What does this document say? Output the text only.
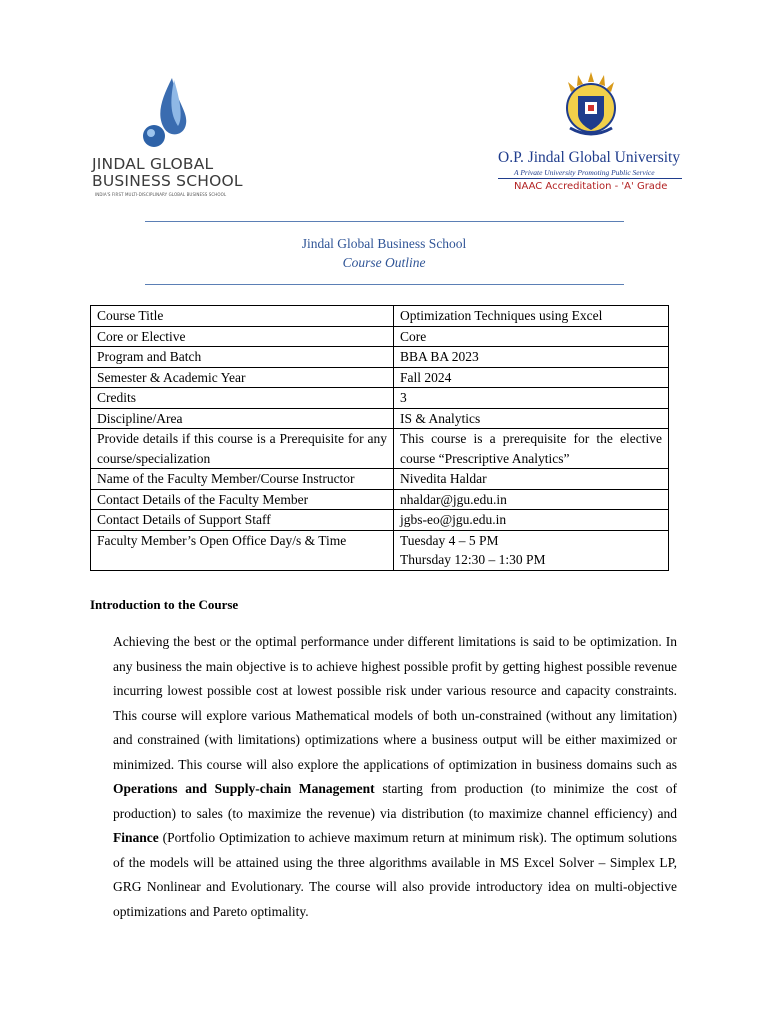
JINDAL GLOBAL
BUSINESS SCHOOL
INDIA'S FIRST MULTI-DISCIPLINARY GLOBAL BUSINESS SCHOOL
O.P. Jindal Global University
A Private University Promoting Public Service
NAAC Accreditation - 'A' Grade
Jindal Global Business School
Course Outline
Course Title	Optimization Techniques using Excel
Core or Elective	Core
Program and Batch	BBA BA 2023
Semester & Academic Year	Fall 2024
Credits	3
Discipline/Area	IS & Analytics
Provide details if this course is a Prerequisite for any course/specialization	This course is a prerequisite for the elective course “Prescriptive Analytics”
Name of the Faculty Member/Course Instructor	Nivedita Haldar
Contact Details of the Faculty Member	nhaldar@jgu.edu.in
Contact Details of Support Staff	jgbs-eo@jgu.edu.in
Faculty Member’s Open Office Day/s & Time	Tuesday 4 – 5 PM
Thursday 12:30 – 1:30 PM
Introduction to the Course
Achieving the best or the optimal performance under different limitations is said to be optimization. In any business the main objective is to achieve highest possible profit by getting highest possible revenue incurring lowest possible cost at lowest possible risk under various resource and capacity constraints. This course will explore various Mathematical models of both un-constrained (without any limitation) and constrained (with limitations) optimizations where a business output will be either maximized or minimized. This course will also explore the applications of optimization in business domains such as Operations and Supply-chain Management starting from production (to minimize the cost of production) to sales (to maximize the revenue) via distribution (to maximize channel efficiency) and Finance (Portfolio Optimization to achieve maximum return at minimum risk). The optimum solutions of the models will be attained using the three algorithms available in MS Excel Solver – Simplex LP, GRG Nonlinear and Evolutionary. The course will also provide introductory idea on multi-objective optimizations and Pareto optimality.
